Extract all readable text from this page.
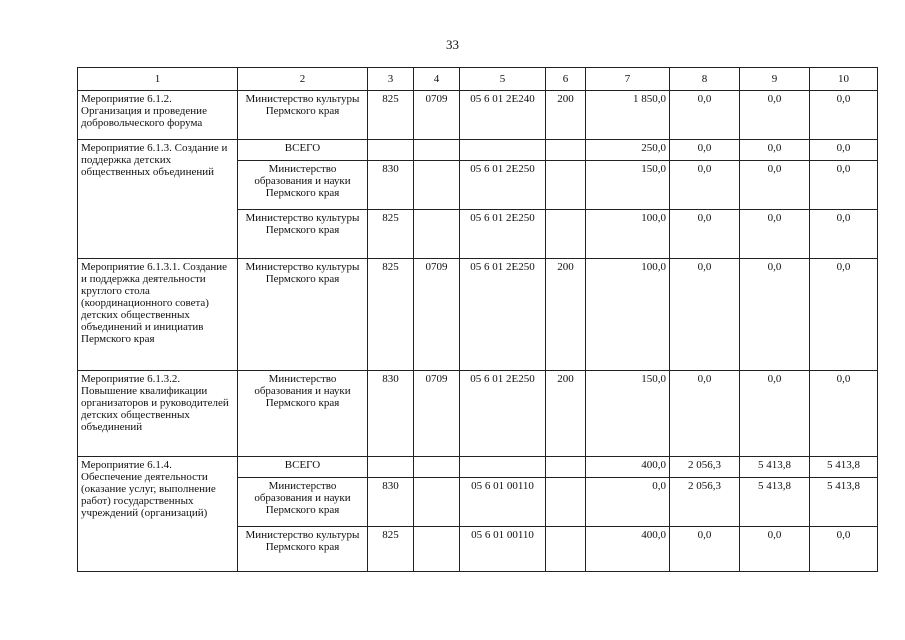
33
1	2	3	4	5	6	7	8	9	10
Мероприятие 6.1.2. Организация и проведение добровольческого форума	Министерство культуры Пермского края	825	0709	05 6 01 2Е240	200	1 850,0	0,0	0,0	0,0
Мероприятие 6.1.3. Создание и поддержка детских общественных объединений	ВСЕГО					250,0	0,0	0,0	0,0
	Министерство образования и науки Пермского края	830		05 6 01 2Е250		150,0	0,0	0,0	0,0
	Министерство культуры Пермского края	825		05 6 01 2Е250		100,0	0,0	0,0	0,0
Мероприятие 6.1.3.1. Создание и поддержка деятельности круглого стола (координационного совета) детских общественных объединений и инициатив Пермского края	Министерство культуры Пермского края	825	0709	05 6 01 2Е250	200	100,0	0,0	0,0	0,0
Мероприятие 6.1.3.2. Повышение квалификации организаторов и руководителей детских общественных объединений	Министерство образования и науки Пермского края	830	0709	05 6 01 2Е250	200	150,0	0,0	0,0	0,0
Мероприятие 6.1.4. Обеспечение деятельности (оказание услуг, выполнение работ) государственных учреждений (организаций)	ВСЕГО					400,0	2 056,3	5 413,8	5 413,8
	Министерство образования и науки Пермского края	830		05 6 01 00110		0,0	2 056,3	5 413,8	5 413,8
	Министерство культуры Пермского края	825		05 6 01 00110		400,0	0,0	0,0	0,0
